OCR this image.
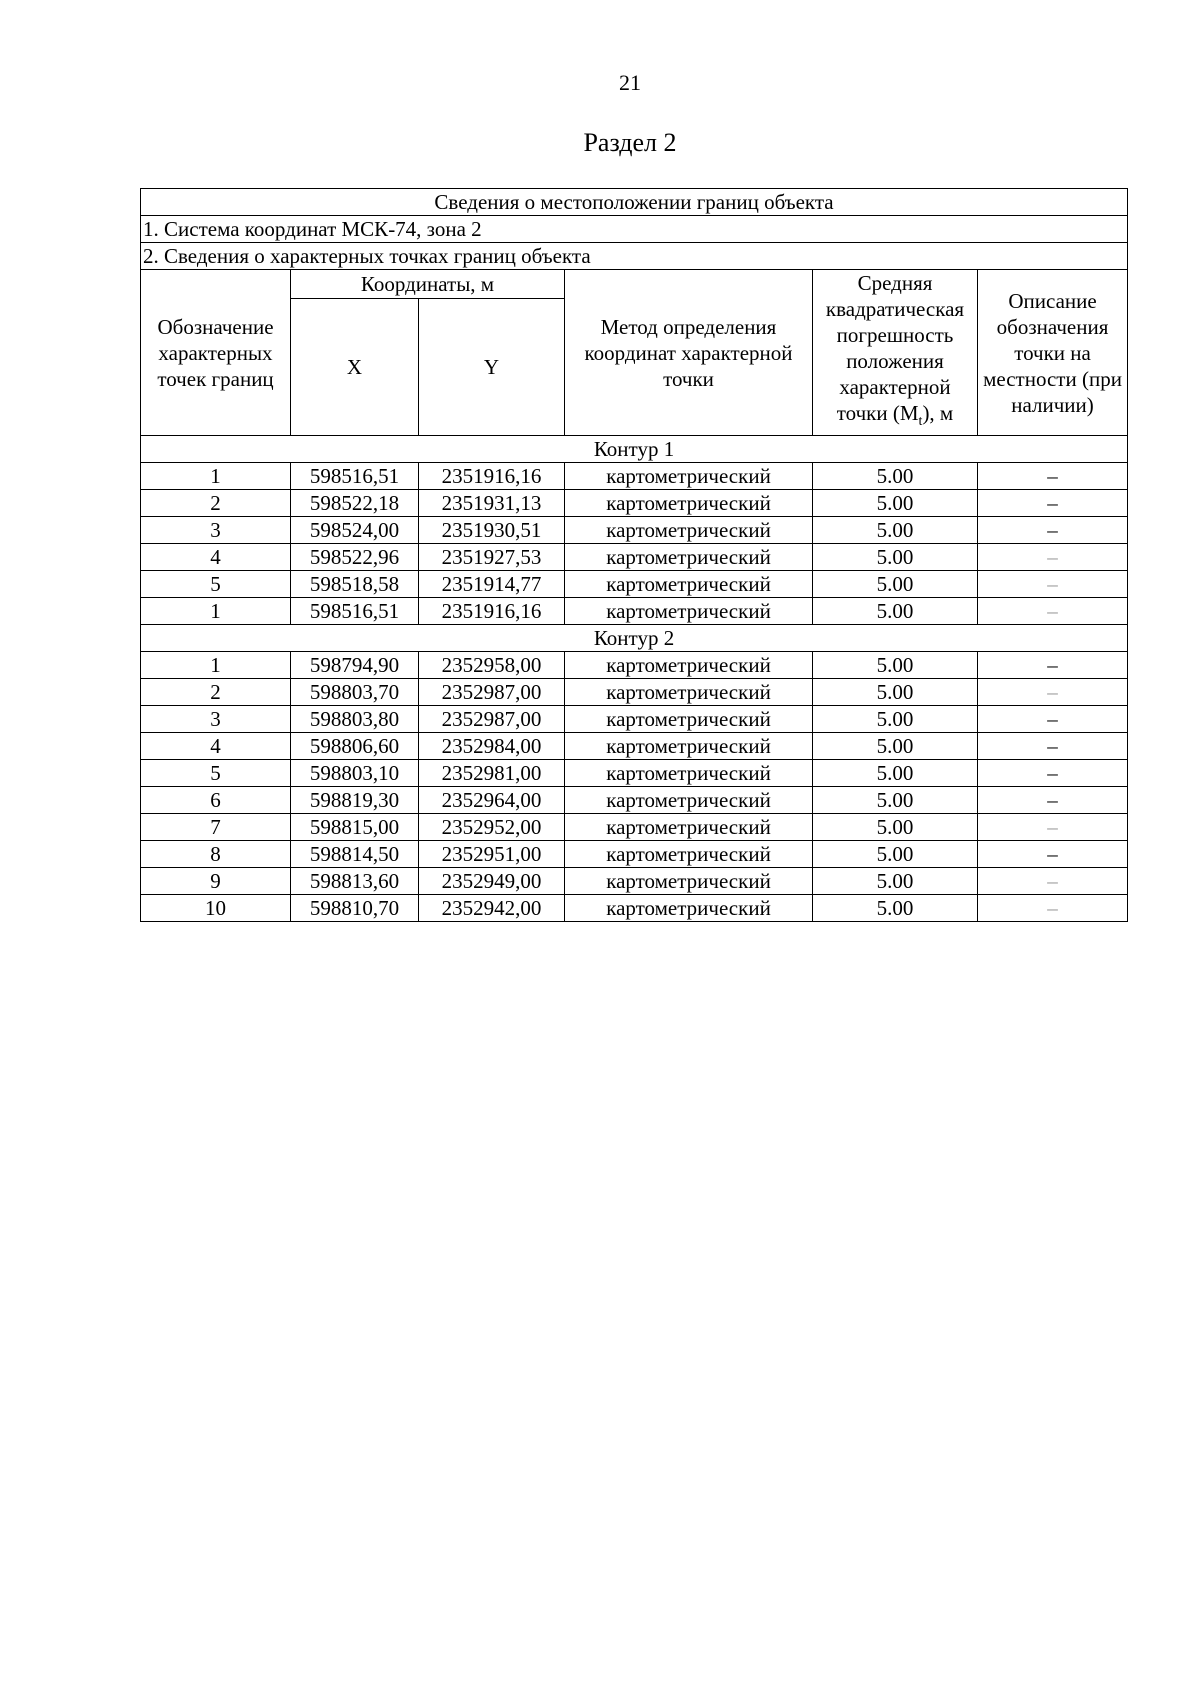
21
Раздел 2
Сведения о местоположении границ объекта					
1. Система координат МСК-74, зона 2					
2. Сведения о характерных точках границ объекта					
Обозначение характерных точек границ	Координаты, м		Метод определения координат характерной точки	Средняя квадратическая погрешность положения характерной точки $(M_t)$, м	Описание обозначения точки на местности (при наличии)
	X	Y			
Контур 1					
1	598516,51	2351916,16	картометрический	5.00	–
2	598522,18	2351931,13	картометрический	5.00	–
3	598524,00	2351930,51	картометрический	5.00	–
4	598522,96	2351927,53	картометрический	5.00	–
5	598518,58	2351914,77	картометрический	5.00	–
1	598516,51	2351916,16	картометрический	5.00	–
Контур 2					
1	598794,90	2352958,00	картометрический	5.00	–
2	598803,70	2352987,00	картометрический	5.00	–
3	598803,80	2352987,00	картометрический	5.00	–
4	598806,60	2352984,00	картометрический	5.00	–
5	598803,10	2352981,00	картометрический	5.00	–
6	598819,30	2352964,00	картометрический	5.00	–
7	598815,00	2352952,00	картометрический	5.00	–
8	598814,50	2352951,00	картометрический	5.00	–
9	598813,60	2352949,00	картометрический	5.00	–
10	598810,70	2352942,00	картометрический	5.00	–
